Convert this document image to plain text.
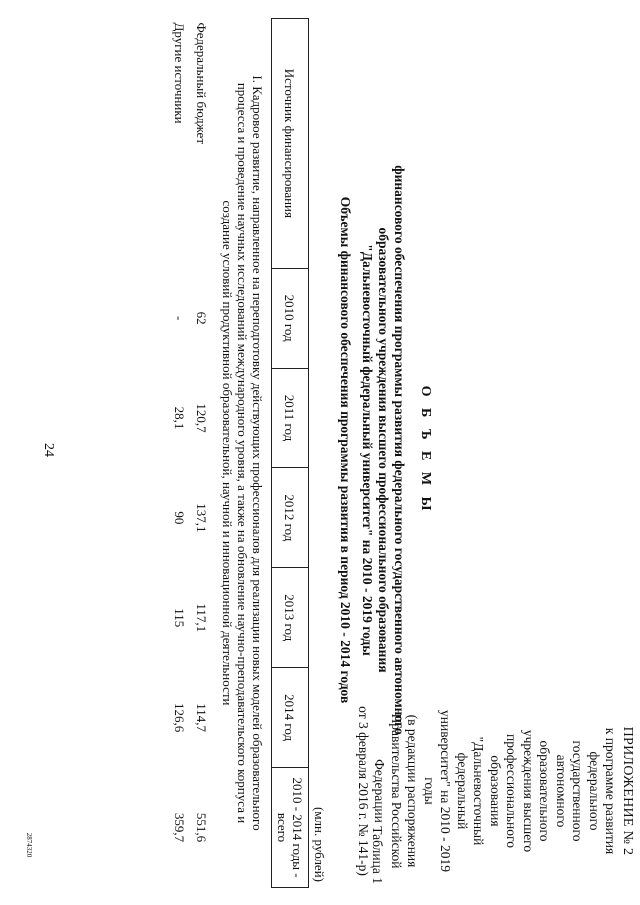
24
2874320	ПРИЛОЖЕНИЕ № 2
к программе развития федерального
государственного автономного
образовательного учреждения высшего
профессионального образования
"Дальневосточный федеральный
университет" на 2010 - 2019 годы
(в редакции распоряжения
Правительства Российской Федерации
от 3 февраля 2016 г. № 141-р)
О Б Ъ Е М Ы
финансового обеспечения программы развития федерального государственного автономного
образовательного учреждения высшего профессионального образования
"Дальневосточный федеральный университет" на 2010 - 2019 годы
Таблица 1
Объемы финансового обеспечения программы развития в период 2010 - 2014 годов
(млн. рублей)
Источник финансирования	2010 год	2011 год	2012 год	2013 год	2014 год	2010 - 2014 годы - всего
I. Кадровое развитие, направленное на переподготовку действующих профессионалов для реализации новых моделей образовательного процесса и проведение научных исследований международного уровня, а также на обновление научно-преподавательского корпуса и создание условий продуктивной образовательной, научной и инновационной деятельности						
Федеральный бюджет	62	120,7	137,1	117,1	114,7	551,6
Другие источники	-	28,1	90	115	126,6	359,7
